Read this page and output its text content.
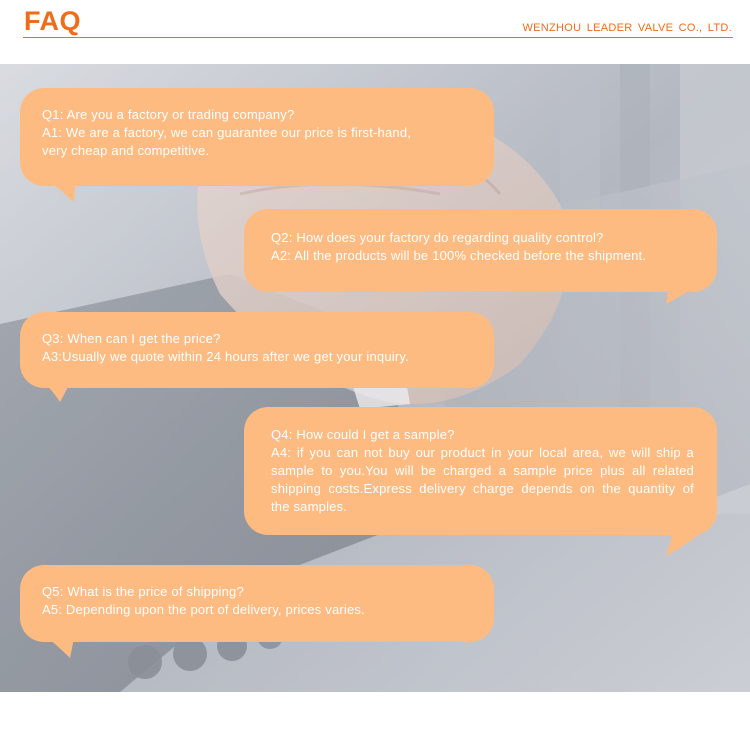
FAQ	WENZHOU LEADER VALVE CO., LTD.
Q1: Are you a factory or trading company?
A1: We are a factory, we can guarantee our price is first-hand,
very cheap and competitive.
Q2: How does your factory do regarding quality control?
A2: All the products will be 100% checked before the shipment.
Q3: When can I get the price?
A3:Usually we quote within 24 hours after we get your inquiry.
Q4: How could I get a sample?
A4: if you can not buy our product in your local area, we will ship a
sample to you.You will be charged a sample price plus all related
shipping costs.Express delivery charge depends on the quantity of
the samples.
Q5: What is the price of shipping?
A5: Depending upon the port of delivery, prices varies.
